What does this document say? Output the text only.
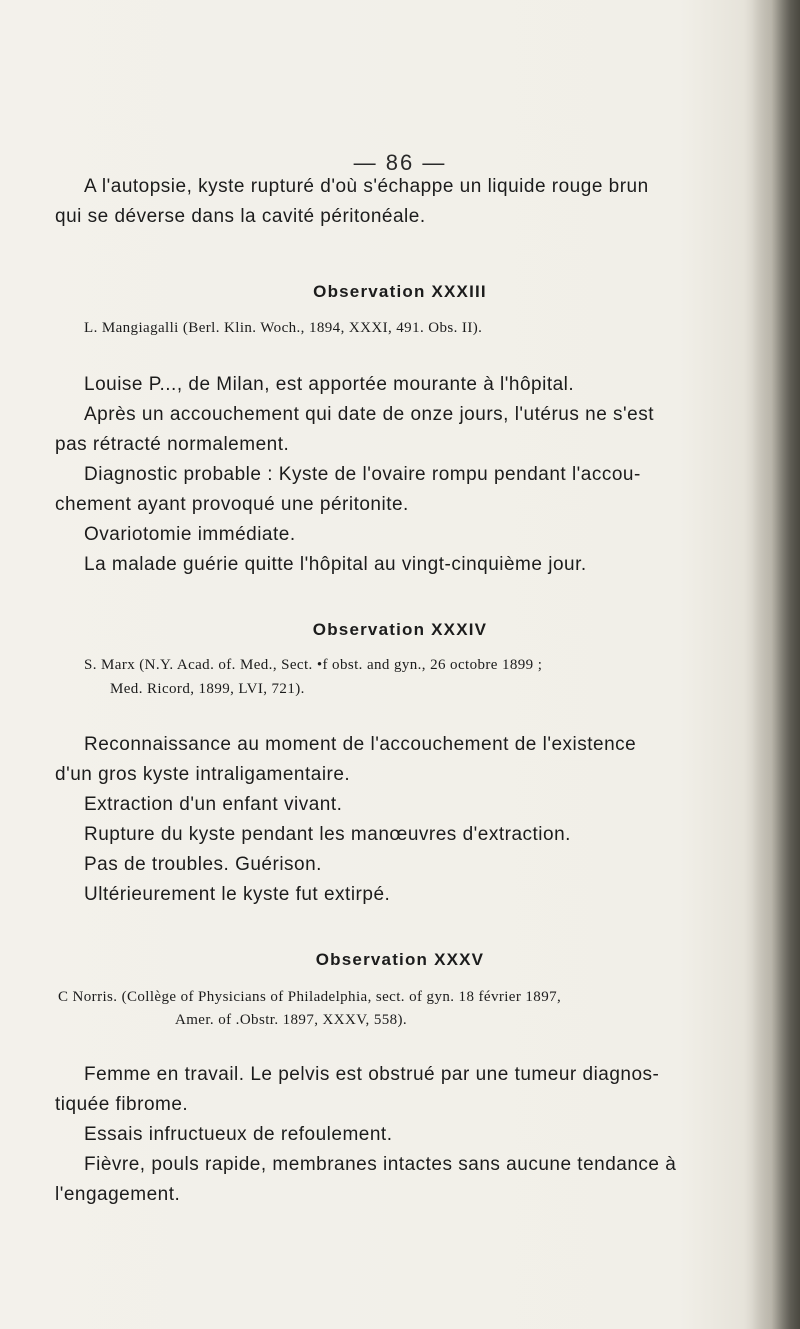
— 86 —
A l'autopsie, kyste rupturé d'où s'échappe un liquide rouge brun
qui se déverse dans la cavité péritonéale.
Observation XXXIII
L. Mangiagalli (Berl. Klin. Woch., 1894, XXXI, 491. Obs. II).
Louise P..., de Milan, est apportée mourante à l'hôpital.
Après un accouchement qui date de onze jours, l'utérus ne s'est
pas rétracté normalement.
Diagnostic probable : Kyste de l'ovaire rompu pendant l'accou-
chement ayant provoqué une péritonite.
Ovariotomie immédiate.
La malade guérie quitte l'hôpital au vingt-cinquième jour.
Observation XXXIV
S. Marx (N.Y. Acad. of. Med., Sect. •f obst. and gyn., 26 octobre 1899 ;
Med. Ricord, 1899, LVI, 721).
Reconnaissance au moment de l'accouchement de l'existence
d'un gros kyste intraligamentaire.
Extraction d'un enfant vivant.
Rupture du kyste pendant les manœuvres d'extraction.
Pas de troubles. Guérison.
Ultérieurement le kyste fut extirpé.
Observation XXXV
C Norris. (Collège of Physicians of Philadelphia, sect. of gyn. 18 février 1897,
Amer. of .Obstr. 1897, XXXV, 558).
Femme en travail. Le pelvis est obstrué par une tumeur diagnos-
tiquée fibrome.
Essais infructueux de refoulement.
Fièvre, pouls rapide, membranes intactes sans aucune tendance à
l'engagement.
